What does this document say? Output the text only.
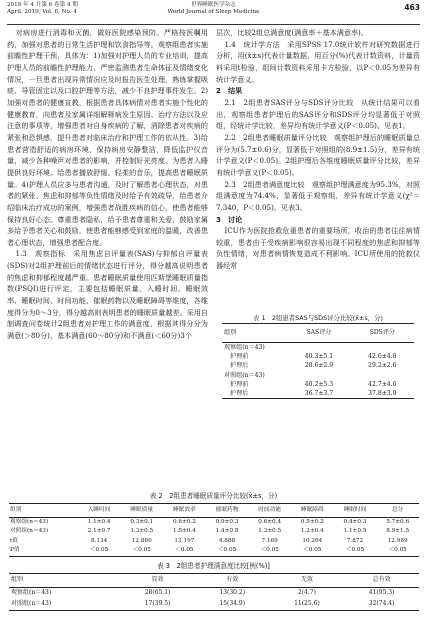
2019 年 4 月第 6 卷第 4 期
April. 2019, Vol. 6, No. 4
世界睡眠医学杂志
World Journal of Sleep Medicine	463

对病房进行消毒和灭菌，做好医院感染预防。严格按医嘱用药，加强对患者的日常生活护理和饮食指导等。观察组患者实施前瞻性护理干预，具体为：1)加强对护理人员的专业培训，提高护理人员的前瞻性护理能力，严密监测患者生命体征及情绪变化情况，一旦患者出现异常情况应及时报告医生处理，熟练掌握吸痰、导管固定以及口腔护理等方法，减少不良护理事件发生。2)加强对患者的健康宣教，根据患者具体病情对患者实施个性化的健康教育，向患者及家属详细解释病发生原因、治疗方法以及应注意的事项等，增强患者对自身疾病的了解，消除患者对疾病的紧张和恐惧感，提升患者对临床治疗和护理工作的依从性。3)给患者营造舒适的病房环境，保持病房安静整洁，降低监护仪音量，减少各种噪声对患者的影响，并控制好光亮度，为患者入睡提供良好环境。给患者播放舒缓、轻柔的音乐，提高患者睡眠质量。4)护理人员应多与患者沟通，及时了解患者心理状态，对患者的紧张、焦虑和抑郁等负性情绪及时给予有效疏导，给患者介绍临床治疗成功的案例，增强患者战胜疾病的信心，使患者能够保持良好心态。尊重患者隐私，给予患者尊重和关爱，鼓励家属多给予患者关心和鼓励，使患者能够感受到家庭的温暖，改善患者心理状态，增强患者配合度。

1.3　观察指标　采用焦虑自评量表(SAS)与抑郁自评量表(SDS)对2组护理前后的情绪状态进行评分，得分越高说明患者的焦虑和抑郁程度越严重。患者睡眠质量使用匹斯堡睡眠质量指数(PSQI)进行评定，主要包括睡眠质量、入睡时间、睡眠效率、睡眠时间、时间功能、催眠药物以及睡眠障碍等维度，各维度得分为0～3分，得分越高则表明患者的睡眠质量越差。采用自制调查问卷统计2组患者对护理工作的满意度，根据其得分分为满意(＞80分)、基本满意(60～80分)和不满意(＜60分)3个

层次，比较2组总满意度(满意率＋基本满意率)。

1.4　统计学方法　采用SPSS 17.0统计软件对研究数据进行分析，用(x̄±s)代表计量数据，用百分(%)代表计数资料，计量资料采用t检验，组间计数资料采用卡方检验，以P＜0.05为差异有统计学意义。

2　结果

2.1　2组患者SAS评分与SDS评分比较　从统计结果可以看出，观察组患者护理后的SAS评分和SDS评分均显著低于对照组，经统计学比较，差异均有统计学意义(P＜0.05)。见表1。

2.2　2组患者睡眠质量评分比较　观察组护理后的睡眠质量总评分为(5.7±0.6)分，显著低于对照组的(8.9±1.5)分，差异有统计学意义(P＜0.05)。2组护理后各维度睡眠质量评分比较，差异有统计学意义(P＜0.05)。

2.3　2组患者满意度比较　观察组护理满意度为95.3%，对照组满意度为74.4%，显著低于观察组，差异有统计学意义(χ²＝7.340，P＜0.05)。见表3。

3　讨论

ICU作为医院抢救危重患者的重要场所，收治的患者往往病情较重，患者由于受疾病影响很容易出现不同程度的焦虑和抑郁等负性情绪，对患者病情恢复造成不利影响。ICU所使用的抢救仪器经常

表 1　2组患者SAS与SDS评分比较(x̄±s，分)
组别	SAS评分	SDS评分
观察组(n＝43)		
护理前	40.3±5.1	42.6±4.8
护理后	28.6±2.9	29.2±2.6
对照组(n＝43)		
护理前	40.2±5.3	42.7±4.6
护理后	36.7±3.7	37.8±3.9
表 2　2组患者睡眠质量评分比较(x̄±s，分)
组别	入睡时间	睡眠质量	睡眠效率	催眠药物	时间功能	睡眠障碍	睡眠时间	总分
观察组(n＝43)	1.1±0.4	0.3±0.1	0.6±0.2	0.9±0.3	0.6±0.4	0.5±0.2	0.4±0.3	5.7±0.6
对照组(n＝43)	2.1±0.7	1.3±0.5	1.5±0.4	1.4±0.8	1.3±0.5	1.2±0.4	1.1±0.5	8.9±1.5
t值	8.134	12.860	13.197	4.888	7.169	10.264	7.872	12.989
P值	＜0.05	＜0.05	＜0.05	＜0.05	＜0.05	＜0.05	＜0.05	＜0.05
表 3　2组患者护理满意度比较[例(%)]
组别	显效	有效	无效	总有效
观察组(n＝43)	28(65.1)	13(30.2)	2(4.7)	41(95.3)
对照组(n＝43)	17(39.5)	15(34.9)	11(25.6)	32(74.4)
